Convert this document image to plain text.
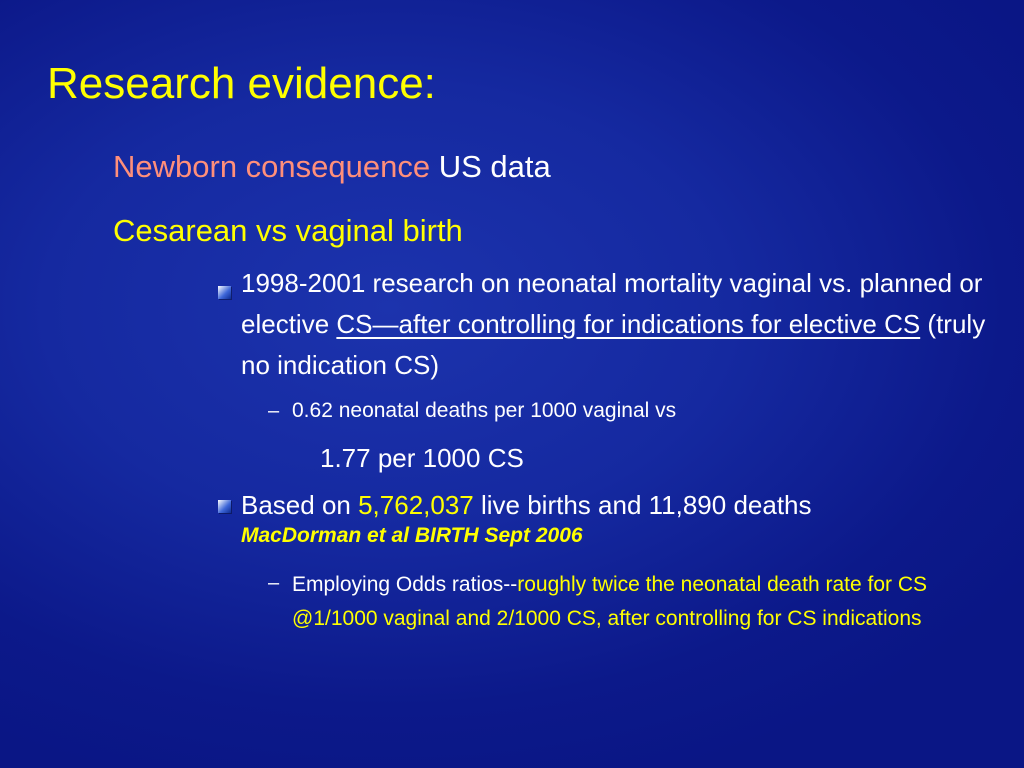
Research evidence:
Newborn consequence US data
Cesarean vs vaginal birth
1998-2001 research on neonatal mortality vaginal vs. planned or elective CS—after controlling for indications for elective CS (truly no indication CS)
– 0.62 neonatal deaths per 1000 vaginal vs
1.77 per 1000 CS
Based on 5,762,037 live births and 11,890 deaths
MacDorman et al BIRTH Sept 2006
– Employing Odds ratios--roughly twice the neonatal death rate for CS @1/1000 vaginal and 2/1000 CS, after controlling for CS indications
